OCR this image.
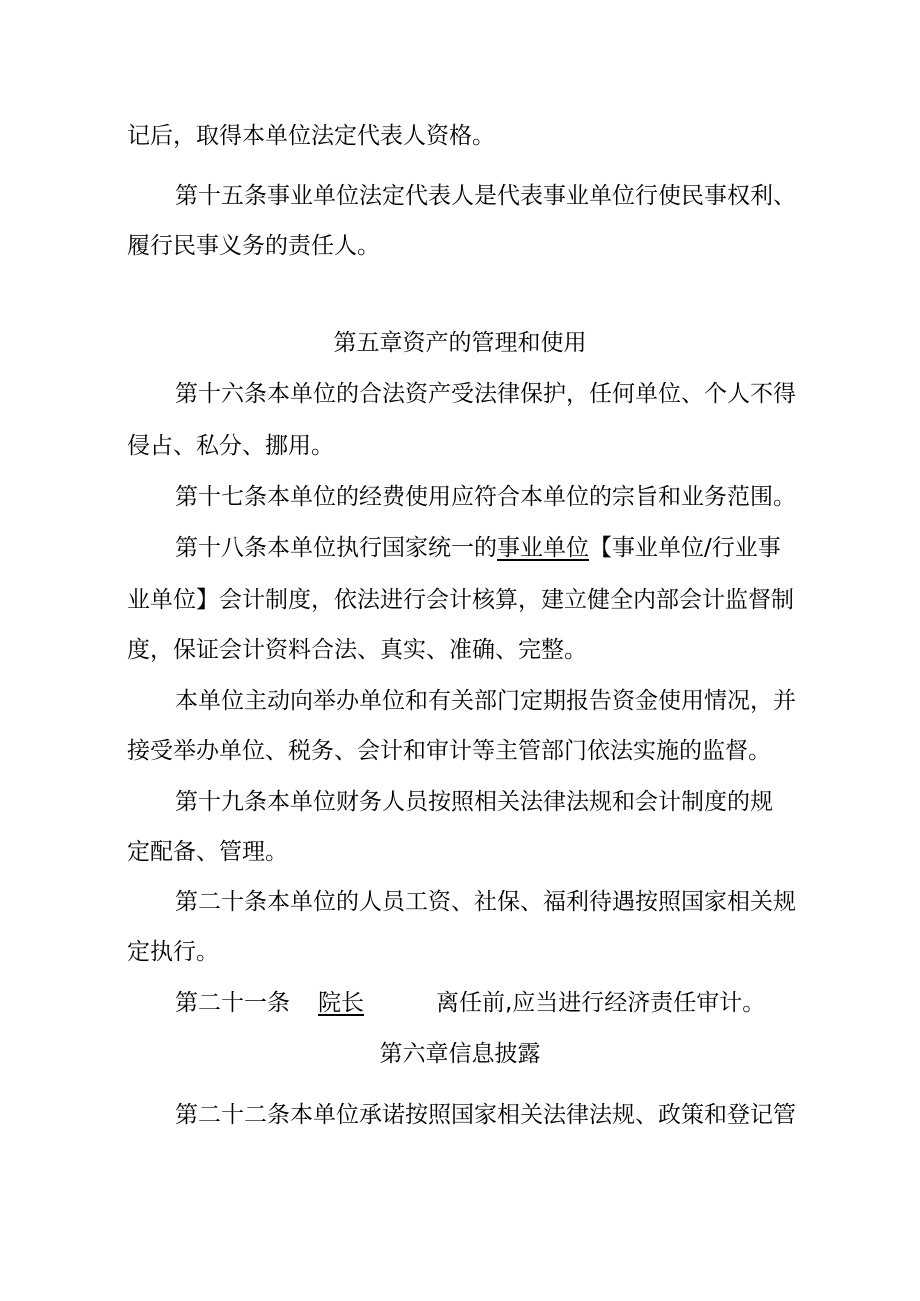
记后，取得本单位法定代表人资格。
第十五条事业单位法定代表人是代表事业单位行使民事权利、
履行民事义务的责任人。
第五章资产的管理和使用
第十六条本单位的合法资产受法律保护，任何单位、个人不得
侵占、私分、挪用。
第十七条本单位的经费使用应符合本单位的宗旨和业务范围。
第十八条本单位执行国家统一的事业单位【事业单位/行业事
业单位】会计制度，依法进行会计核算，建立健全内部会计监督制
度，保证会计资料合法、真实、准确、完整。
本单位主动向举办单位和有关部门定期报告资金使用情况，并
接受举办单位、税务、会计和审计等主管部门依法实施的监督。
第十九条本单位财务人员按照相关法律法规和会计制度的规
定配备、管理。
第二十条本单位的人员工资、社保、福利待遇按照国家相关规
定执行。
第二十一条 院长	离任前,应当进行经济责任审计。
第六章信息披露
第二十二条本单位承诺按照国家相关法律法规、政策和登记管
